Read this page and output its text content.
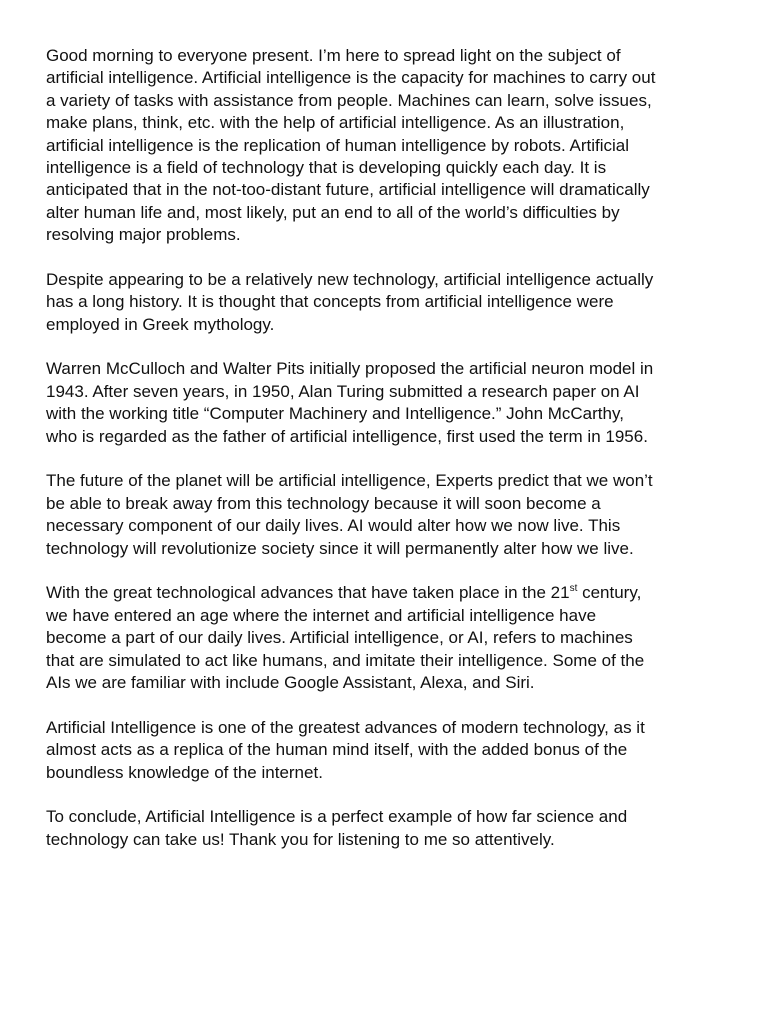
Good morning to everyone present. I’m here to spread light on the subject of
artificial intelligence. Artificial intelligence is the capacity for machines to carry out
a variety of tasks with assistance from people. Machines can learn, solve issues,
make plans, think, etc. with the help of artificial intelligence. As an illustration,
artificial intelligence is the replication of human intelligence by robots. Artificial
intelligence is a field of technology that is developing quickly each day. It is
anticipated that in the not-too-distant future, artificial intelligence will dramatically
alter human life and, most likely, put an end to all of the world’s difficulties by
resolving major problems.
Despite appearing to be a relatively new technology, artificial intelligence actually
has a long history. It is thought that concepts from artificial intelligence were
employed in Greek mythology.
Warren McCulloch and Walter Pits initially proposed the artificial neuron model in
1943. After seven years, in 1950, Alan Turing submitted a research paper on AI
with the working title “Computer Machinery and Intelligence.” John McCarthy,
who is regarded as the father of artificial intelligence, first used the term in 1956.
The future of the planet will be artificial intelligence, Experts predict that we won’t
be able to break away from this technology because it will soon become a
necessary component of our daily lives. AI would alter how we now live. This
technology will revolutionize society since it will permanently alter how we live.
With the great technological advances that have taken place in the 21st century,
we have entered an age where the internet and artificial intelligence have
become a part of our daily lives. Artificial intelligence, or AI, refers to machines
that are simulated to act like humans, and imitate their intelligence. Some of the
AIs we are familiar with include Google Assistant, Alexa, and Siri.
Artificial Intelligence is one of the greatest advances of modern technology, as it
almost acts as a replica of the human mind itself, with the added bonus of the
boundless knowledge of the internet.
To conclude, Artificial Intelligence is a perfect example of how far science and
technology can take us! Thank you for listening to me so attentively.
